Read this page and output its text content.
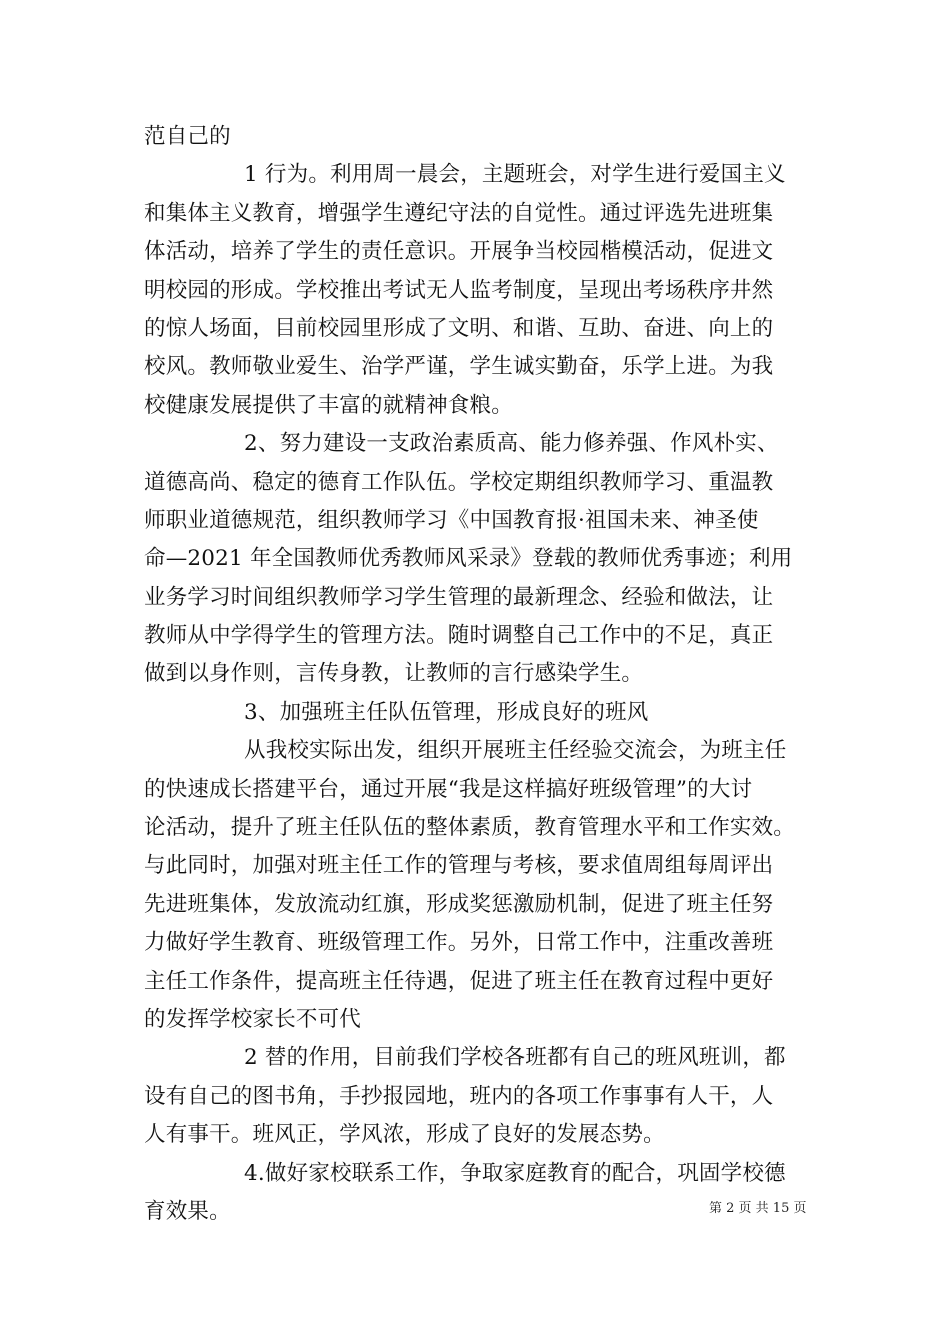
范自己的
1 行为。利用周一晨会，主题班会，对学生进行爱国主义
和集体主义教育，增强学生遵纪守法的自觉性。通过评选先进班集
体活动，培养了学生的责任意识。开展争当校园楷模活动，促进文
明校园的形成。学校推出考试无人监考制度，呈现出考场秩序井然
的惊人场面，目前校园里形成了文明、和谐、互助、奋进、向上的
校风。教师敬业爱生、治学严谨，学生诚实勤奋，乐学上进。为我
校健康发展提供了丰富的就精神食粮。
2、努力建设一支政治素质高、能力修养强、作风朴实、
道德高尚、稳定的德育工作队伍。学校定期组织教师学习、重温教
师职业道德规范，组织教师学习《中国教育报·祖国未来、神圣使
命—2021 年全国教师优秀教师风采录》登载的教师优秀事迹；利用
业务学习时间组织教师学习学生管理的最新理念、经验和做法，让
教师从中学得学生的管理方法。随时调整自己工作中的不足，真正
做到以身作则，言传身教，让教师的言行感染学生。
3、加强班主任队伍管理，形成良好的班风
从我校实际出发，组织开展班主任经验交流会，为班主任
的快速成长搭建平台，通过开展“我是这样搞好班级管理”的大讨
论活动，提升了班主任队伍的整体素质，教育管理水平和工作实效。
与此同时，加强对班主任工作的管理与考核，要求值周组每周评出
先进班集体，发放流动红旗，形成奖惩激励机制，促进了班主任努
力做好学生教育、班级管理工作。另外，日常工作中，注重改善班
主任工作条件，提高班主任待遇，促进了班主任在教育过程中更好
的发挥学校家长不可代
2 替的作用，目前我们学校各班都有自己的班风班训，都
设有自己的图书角，手抄报园地，班内的各项工作事事有人干，人
人有事干。班风正，学风浓，形成了良好的发展态势。
4.做好家校联系工作，争取家庭教育的配合，巩固学校德
育效果。	第 2 页 共 15 页
